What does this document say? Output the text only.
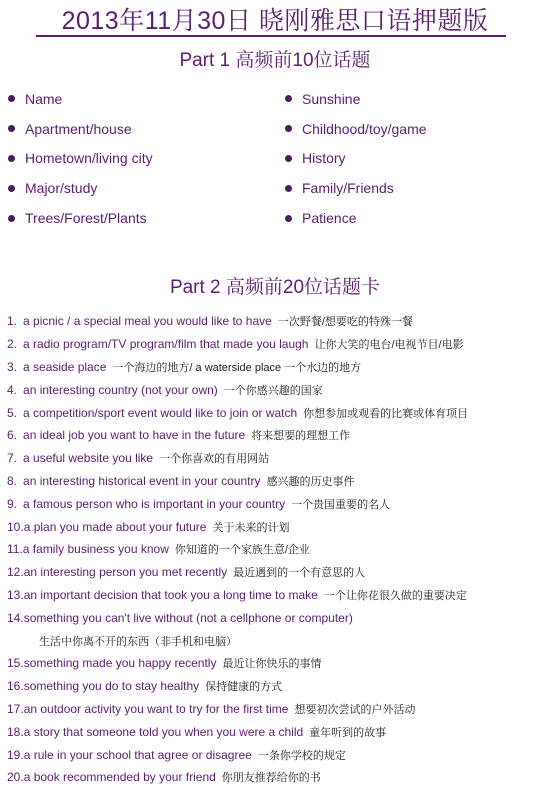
2013年11月30日 晓刚雅思口语押题版
Part 1 高频前10位话题
Name
Apartment/house
Hometown/living city
Major/study
Trees/Forest/Plants
Sunshine
Childhood/toy/game
History
Family/Friends
Patience
Part 2 高频前20位话题卡
1. a picnic / a special meal you would like to have 一次野餐/想要吃的特殊一餐
2. a radio program/TV program/film that made you laugh 让你大笑的电台/电视节目/电影
3. a seaside place 一个海边的地方/ a waterside place 一个水边的地方
4. an interesting country (not your own) 一个你感兴趣的国家
5. a competition/sport event would like to join or watch 你想参加或观看的比赛或体育项目
6. an ideal job you want to have in the future 将来想要的理想工作
7. a useful website you like 一个你喜欢的有用网站
8. an interesting historical event in your country 感兴趣的历史事件
9. a famous person who is important in your country 一个贵国重要的名人
10. a plan you made about your future 关于未来的计划
11. a family business you know 你知道的一个家族生意/企业
12. an interesting person you met recently 最近遇到的一个有意思的人
13. an important decision that took you a long time to make 一个让你花很久做的重要决定
14. something you can't live without (not a cellphone or computer)
生活中你离不开的东西（非手机和电脑）
15. something made you happy recently 最近让你快乐的事情
16. something you do to stay healthy 保持健康的方式
17. an outdoor activity you want to try for the first time 想要初次尝试的户外活动
18. a story that someone told you when you were a child 童年听到的故事
19. a rule in your school that agree or disagree 一条你学校的规定
20. a book recommended by your friend 你朋友推荐给你的书
